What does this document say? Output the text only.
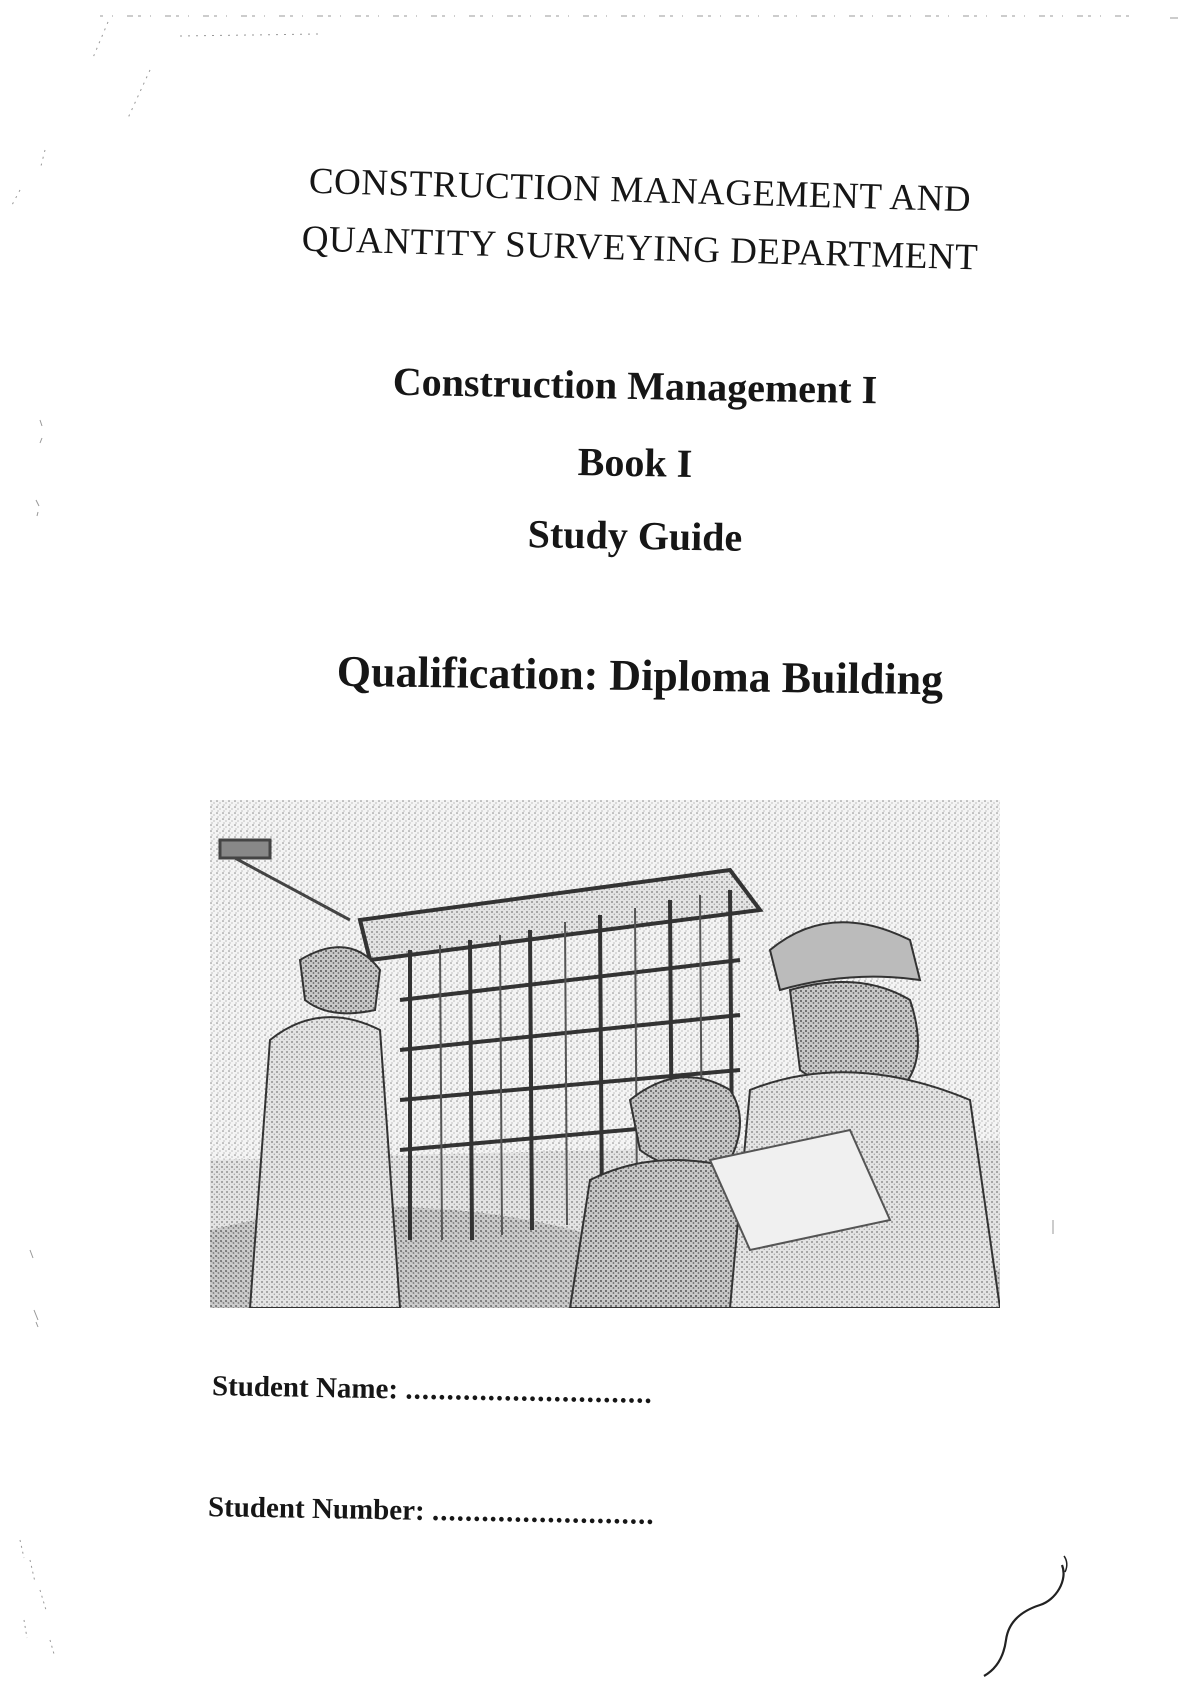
CONSTRUCTION MANAGEMENT AND
QUANTITY SURVEYING DEPARTMENT
Construction Management I
Book I
Study Guide
Qualification: Diploma Building
Student Name: ..............................
Student Number: ...........................
